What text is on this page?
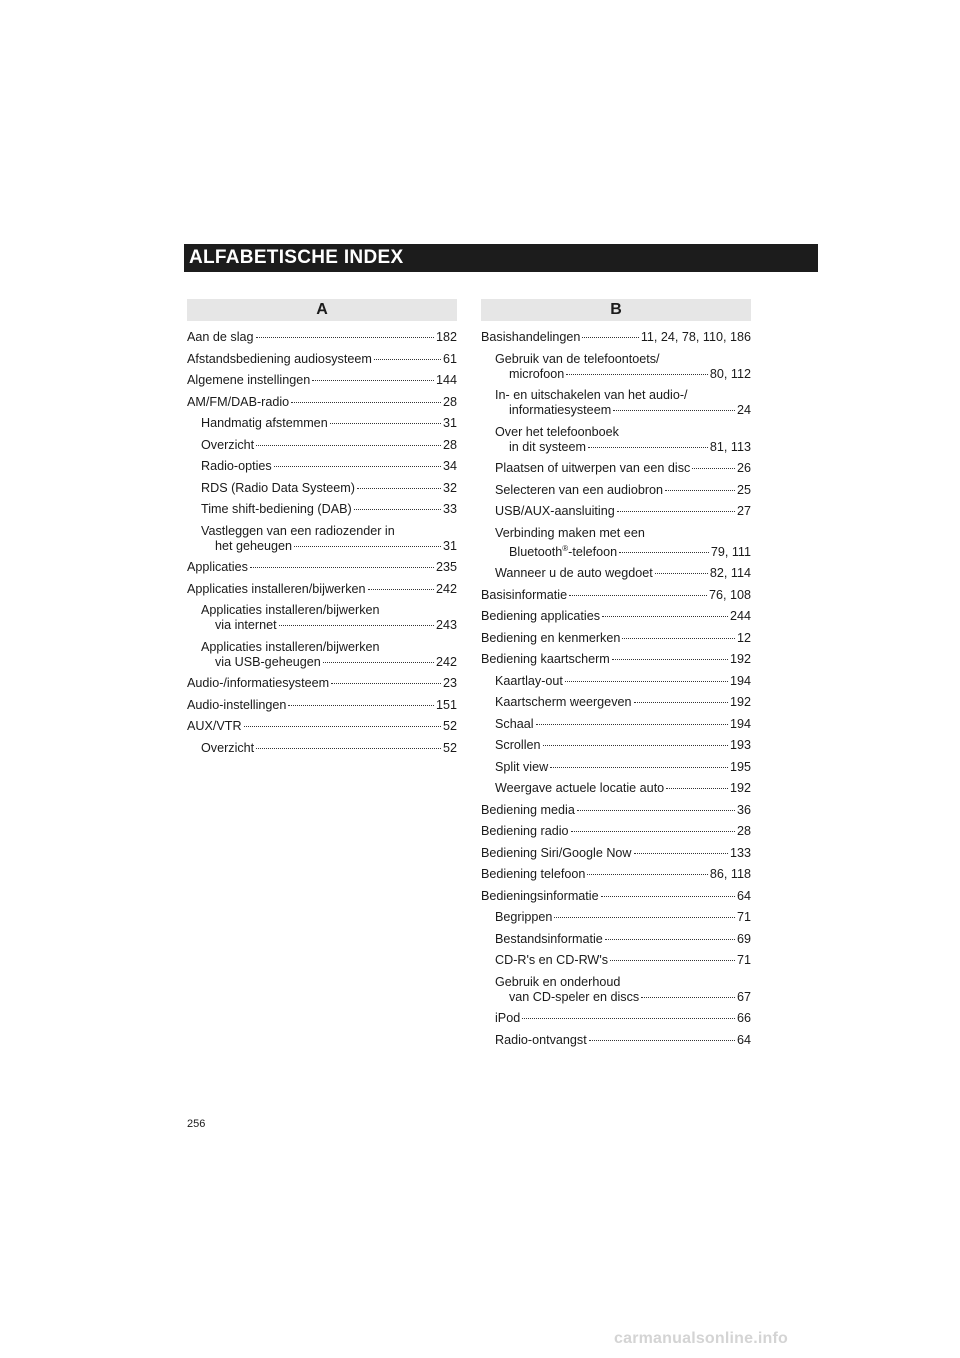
ALFABETISCHE INDEX
A
Aan de slag	182
Afstandsbediening audiosysteem	61
Algemene instellingen	144
AM/FM/DAB-radio	28
Handmatig afstemmen	31
Overzicht	28
Radio-opties	34
RDS (Radio Data Systeem)	32
Time shift-bediening (DAB)	33
Vastleggen van een radiozender in
het geheugen	31
Applicaties	235
Applicaties installeren/bijwerken	242
Applicaties installeren/bijwerken
via internet	243
Applicaties installeren/bijwerken
via USB-geheugen	242
Audio-/informatiesysteem	23
Audio-instellingen	151
AUX/VTR	52
Overzicht	52
B
Basishandelingen	11, 24, 78, 110, 186
Gebruik van de telefoontoets/
microfoon	80, 112
In- en uitschakelen van het audio-/
informatiesysteem	24
Over het telefoonboek
in dit systeem	81, 113
Plaatsen of uitwerpen van een disc	26
Selecteren van een audiobron	25
USB/AUX-aansluiting	27
Verbinding maken met een
Bluetooth®-telefoon	79, 111
Wanneer u de auto wegdoet	82, 114
Basisinformatie	76, 108
Bediening applicaties	244
Bediening en kenmerken	12
Bediening kaartscherm	192
Kaartlay-out	194
Kaartscherm weergeven	192
Schaal	194
Scrollen	193
Split view	195
Weergave actuele locatie auto	192
Bediening media	36
Bediening radio	28
Bediening Siri/Google Now	133
Bediening telefoon	86, 118
Bedieningsinformatie	64
Begrippen	71
Bestandsinformatie	69
CD-R's en CD-RW's	71
Gebruik en onderhoud
van CD-speler en discs	67
iPod	66
Radio-ontvangst	64
256
carmanualsonline.info
